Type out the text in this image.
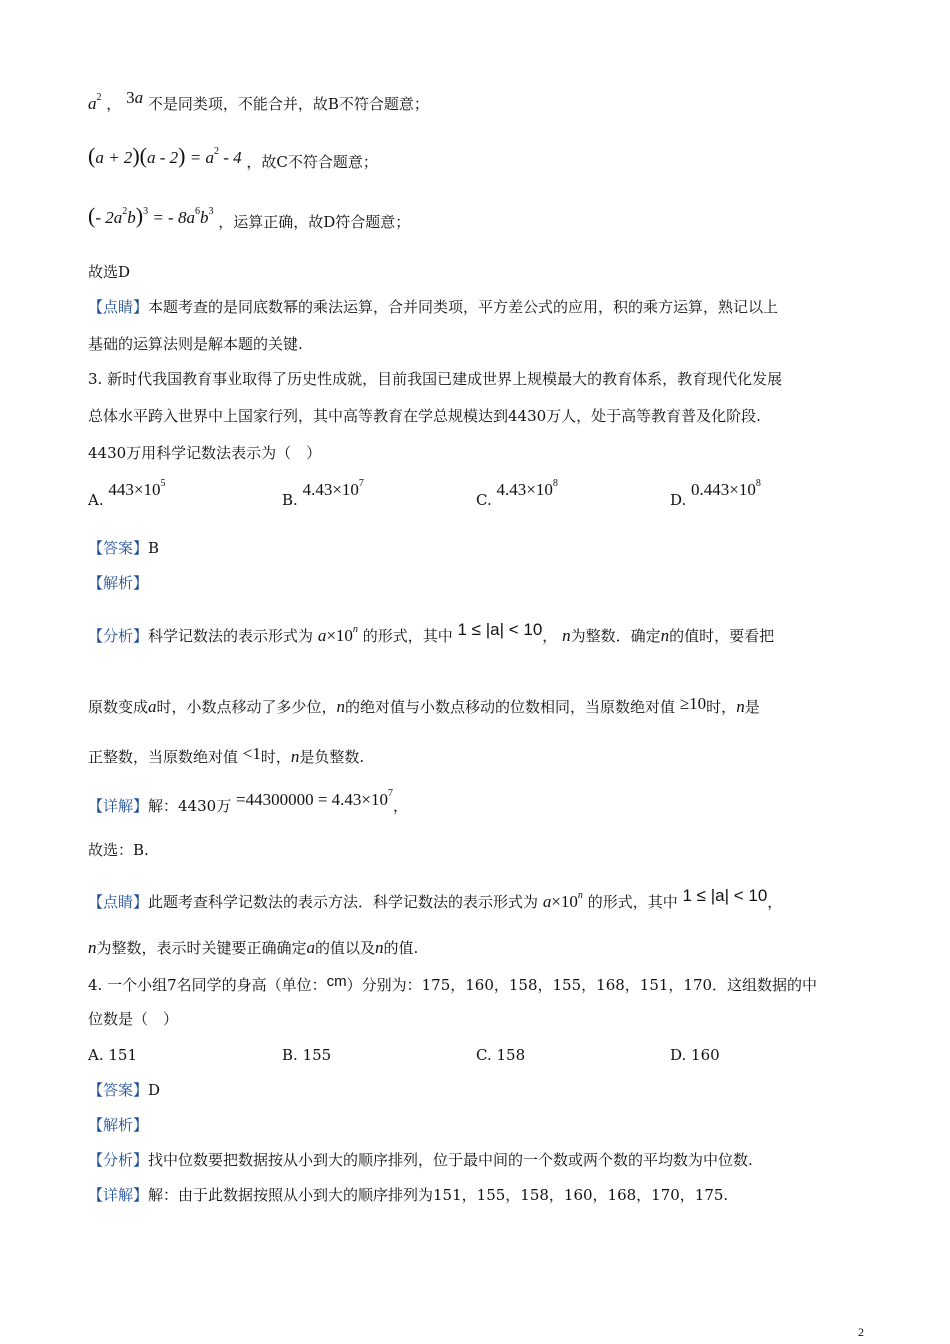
$a^2$ ， 3a 不是同类项，不能合并，故B不符合题意；
$(a + 2)(a - 2) = a^2 - 4$ ，故C不符合题意；
(- $2a^2b)^3$ = - $8a^6b^3$ ，运算正确，故D符合题意；
故选D
【点睛】本题考查的是同底数幂的乘法运算，合并同类项，平方差公式的应用，积的乘方运算，熟记以上
基础的运算法则是解本题的关键.
3. 新时代我国教育事业取得了历史性成就，目前我国已建成世界上规模最大的教育体系，教育现代化发展
总体水平跨入世界中上国家行列，其中高等教育在学总规模达到4430万人，处于高等教育普及化阶段.
4430万用科学记数法表示为（　）
A. $443\times 10^5$
B. $4.43\times 10^7$
C. $4.43\times 10^8$
D. $0.443\times 10^8$
【答案】B
【解析】
【分析】科学记数法的表示形式为 $a\times 10^n$ 的形式，其中 1 ≤ |a| < 10， n为整数．确定n的值时，要看把
原数变成a时，小数点移动了多少位，n的绝对值与小数点移动的位数相同，当原数绝对值 ≥10时，n是
正整数，当原数绝对值 <1时，n是负整数.
【详解】解：4430万 $=44300000 = 4.43\times 10^7$，
故选：B.
【点睛】此题考查科学记数法的表示方法．科学记数法的表示形式为 $a\times 10^n$ 的形式，其中 1 ≤ |a| < 10，
n为整数，表示时关键要正确确定a的值以及n的值.
4. 一个小组7名同学的身高（单位：cm）分别为：175，160，158，155，168，151，170．这组数据的中
位数是（　）
A. 151	B. 155	C. 158	D. 160
【答案】D
【解析】
【分析】找中位数要把数据按从小到大的顺序排列，位于最中间的一个数或两个数的平均数为中位数.
【详解】解：由于此数据按照从小到大的顺序排列为151，155，158，160，168，170，175.
2
